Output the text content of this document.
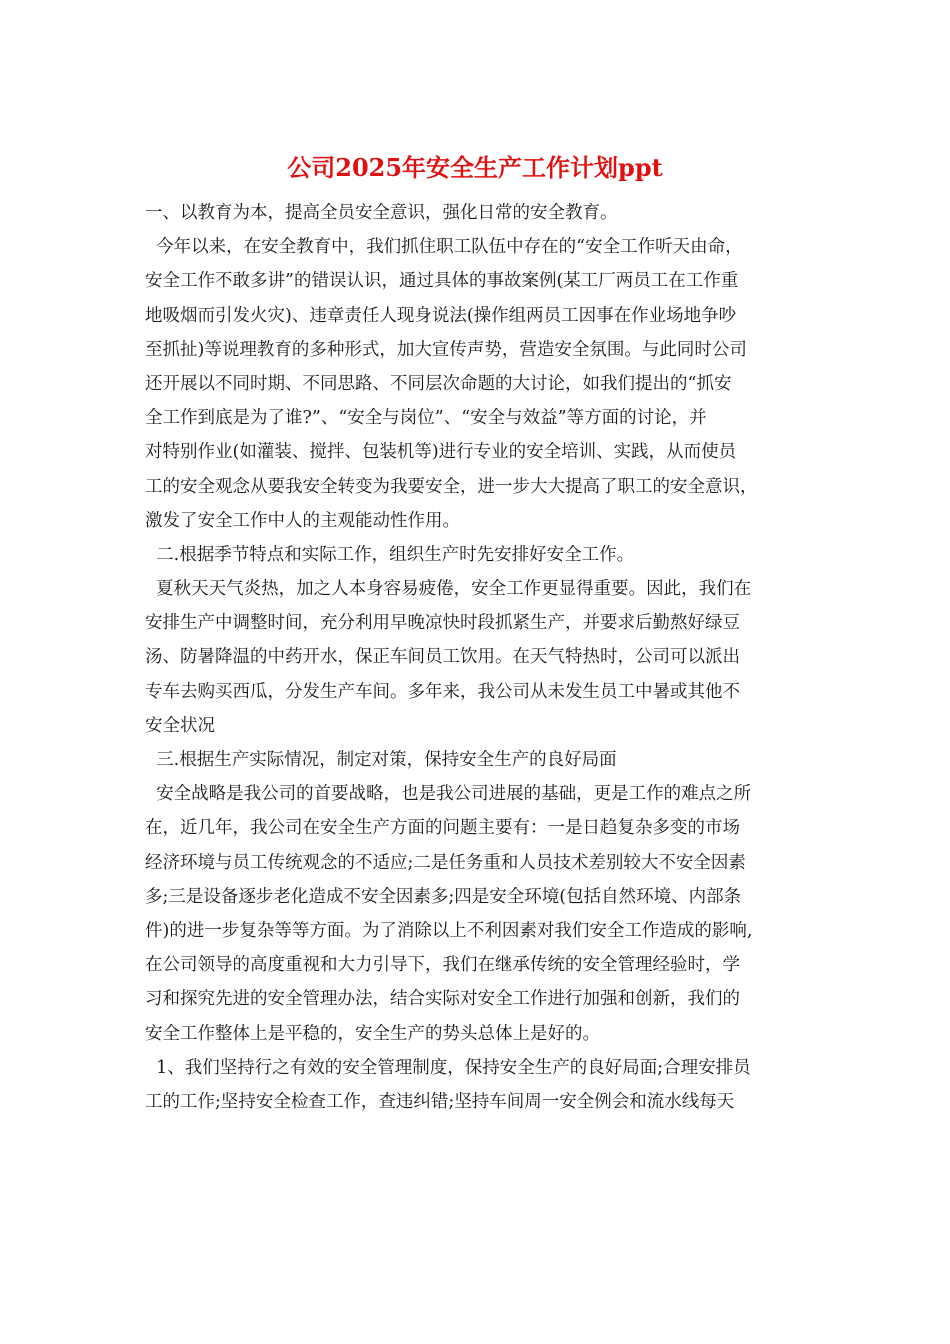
公司2025年安全生产工作计划ppt
一、以教育为本，提高全员安全意识，强化日常的安全教育。
今年以来，在安全教育中，我们抓住职工队伍中存在的“安全工作听天由命，
安全工作不敢多讲”的错误认识，通过具体的事故案例(某工厂两员工在工作重
地吸烟而引发火灾)、违章责任人现身说法(操作组两员工因事在作业场地争吵
至抓扯)等说理教育的多种形式，加大宣传声势，营造安全氛围。与此同时公司
还开展以不同时期、不同思路、不同层次命题的大讨论，如我们提出的“抓安
全工作到底是为了谁?”、“安全与岗位”、“安全与效益”等方面的讨论，并
对特别作业(如灌装、搅拌、包装机等)进行专业的安全培训、实践，从而使员
工的安全观念从要我安全转变为我要安全，进一步大大提高了职工的安全意识，
激发了安全工作中人的主观能动性作用。
二.根据季节特点和实际工作，组织生产时先安排好安全工作。
夏秋天天气炎热，加之人本身容易疲倦，安全工作更显得重要。因此，我们在
安排生产中调整时间，充分利用早晚凉快时段抓紧生产，并要求后勤熬好绿豆
汤、防暑降温的中药开水，保正车间员工饮用。在天气特热时，公司可以派出
专车去购买西瓜，分发生产车间。多年来，我公司从未发生员工中暑或其他不
安全状况
三.根据生产实际情况，制定对策，保持安全生产的良好局面
安全战略是我公司的首要战略，也是我公司进展的基础，更是工作的难点之所
在，近几年，我公司在安全生产方面的问题主要有：一是日趋复杂多变的市场
经济环境与员工传统观念的不适应;二是任务重和人员技术差别较大不安全因素
多;三是设备逐步老化造成不安全因素多;四是安全环境(包括自然环境、内部条
件)的进一步复杂等等方面。为了消除以上不利因素对我们安全工作造成的影响,
在公司领导的高度重视和大力引导下，我们在继承传统的安全管理经验时，学
习和探究先进的安全管理办法，结合实际对安全工作进行加强和创新，我们的
安全工作整体上是平稳的，安全生产的势头总体上是好的。
1、我们坚持行之有效的安全管理制度，保持安全生产的良好局面;合理安排员
工的工作;坚持安全检查工作，查违纠错;坚持车间周一安全例会和流水线每天
